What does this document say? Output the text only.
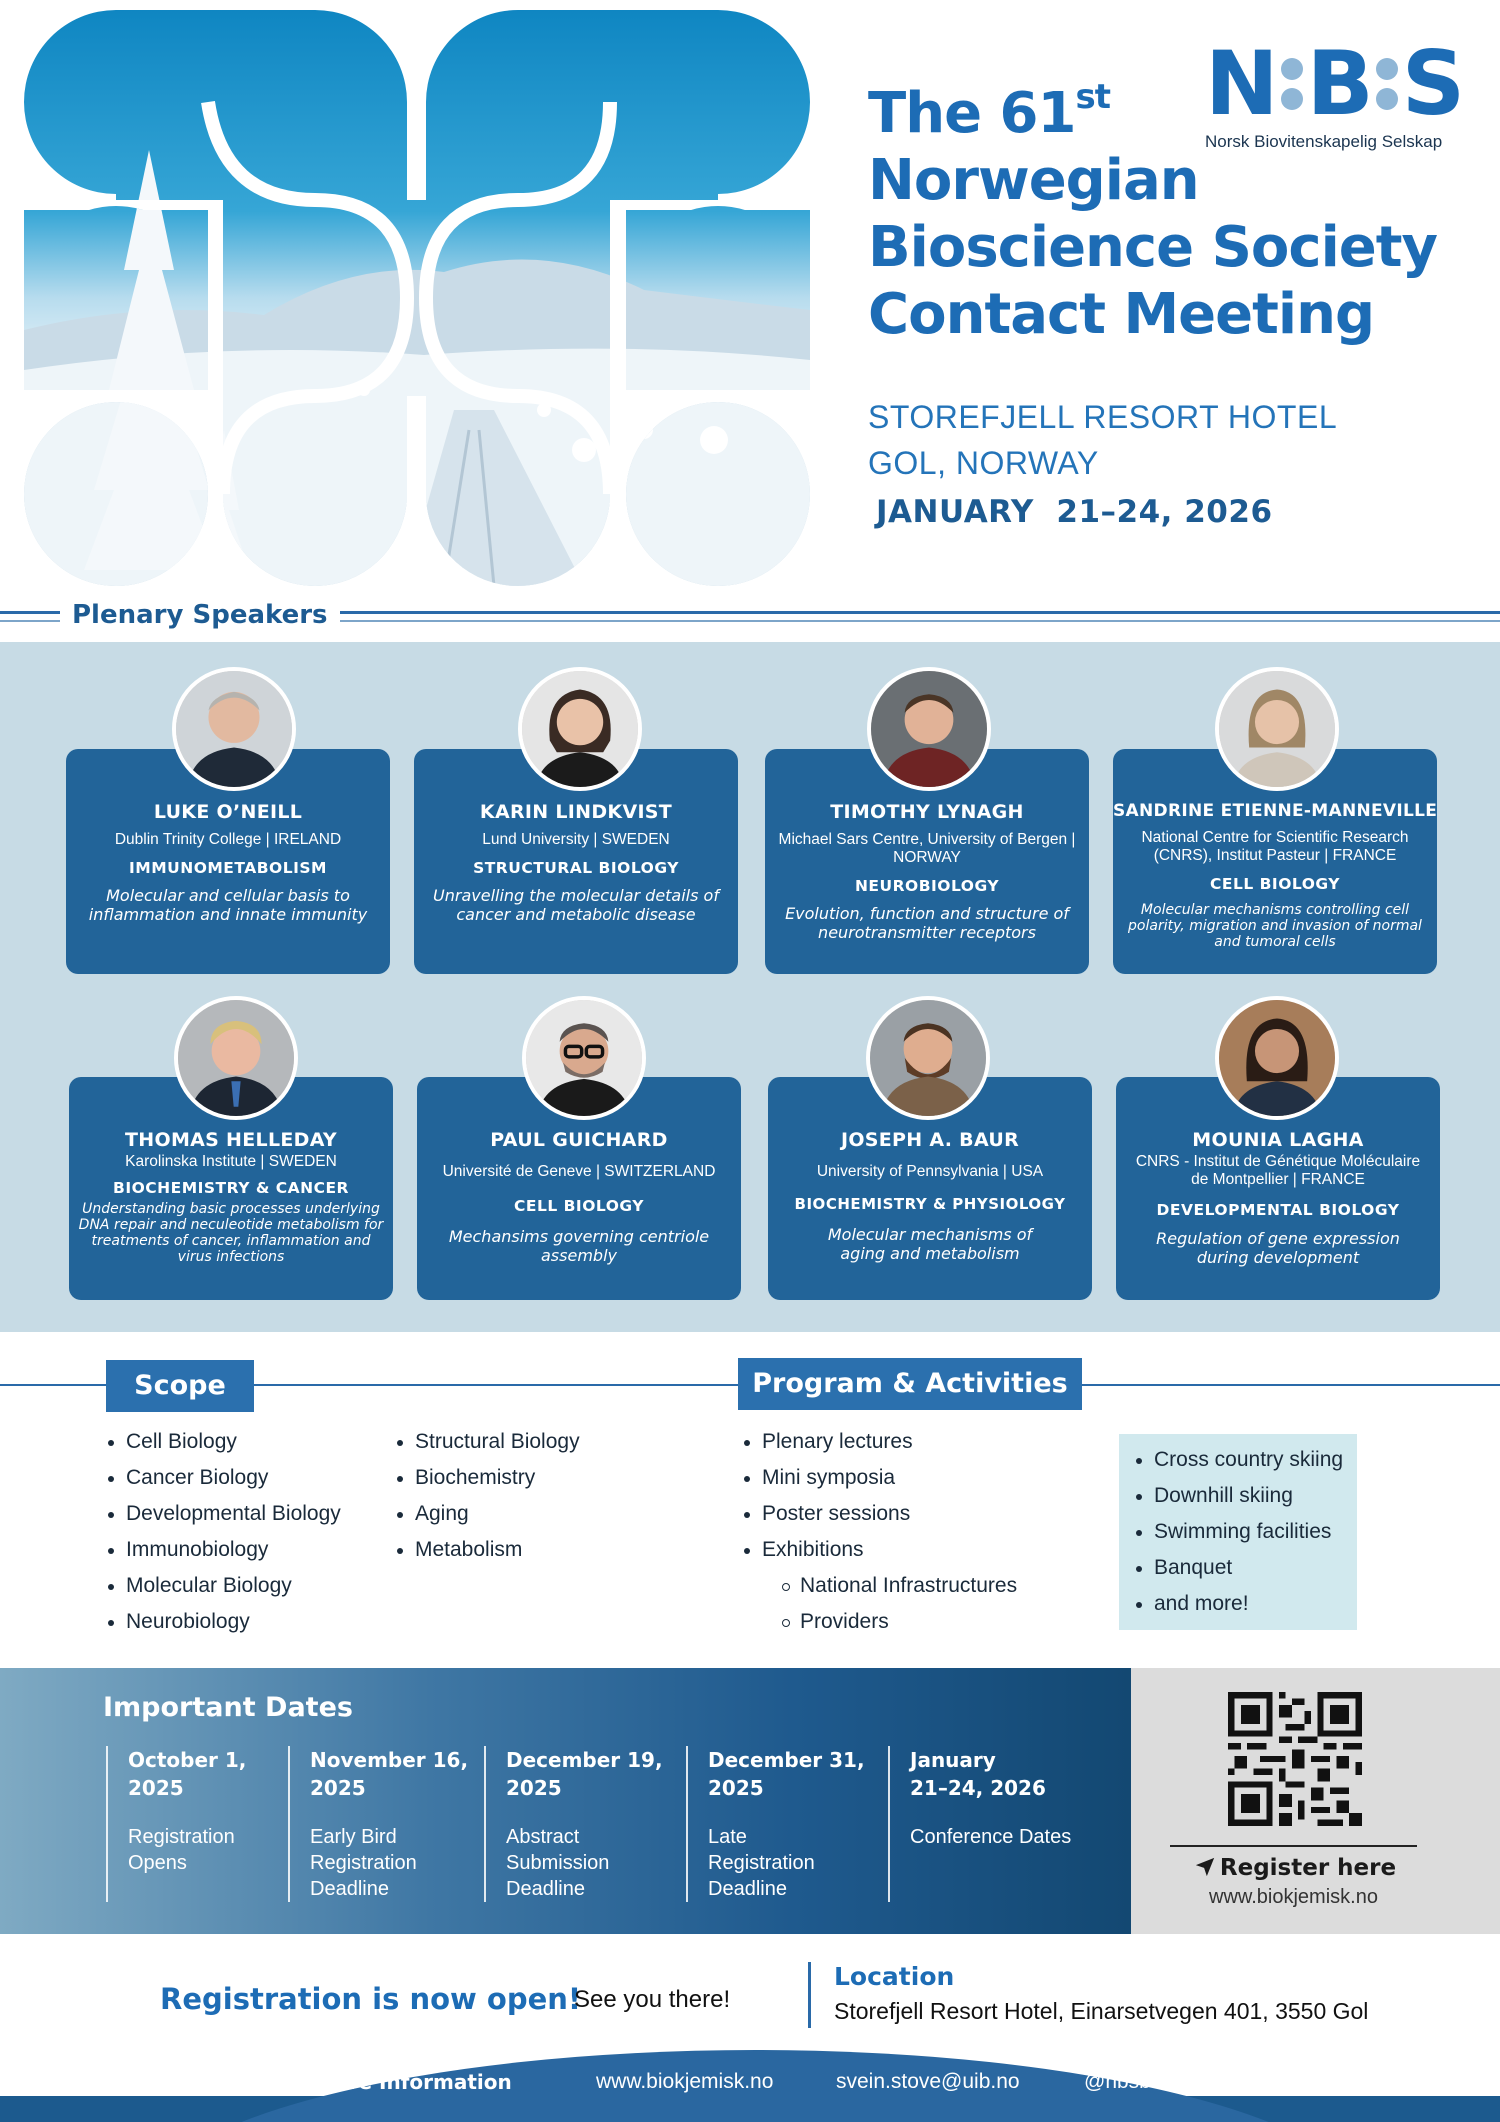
N B S
Norsk Biovitenskapelig Selskap
The 61st
Norwegian
Bioscience Society
Contact Meeting
STOREFJELL RESORT HOTEL
GOL, NORWAY
JANUARY  21–24, 2026
Plenary Speakers
LUKE O’NEILL
Dublin Trinity College | IRELAND
IMMUNOMETABOLISM
Molecular and cellular basis to inflammation and innate immunity
KARIN LINDKVIST
Lund University | SWEDEN
STRUCTURAL BIOLOGY
Unravelling the molecular details of cancer and metabolic disease
TIMOTHY LYNAGH
Michael Sars Centre, University of Bergen | NORWAY
NEUROBIOLOGY
Evolution, function and structure of neurotransmitter receptors
SANDRINE ETIENNE-MANNEVILLE
National Centre for Scientific Research (CNRS), Institut Pasteur | FRANCE
CELL BIOLOGY
Molecular mechanisms controlling cell polarity, migration and invasion of normal and tumoral cells
THOMAS HELLEDAY
Karolinska Institute | SWEDEN
BIOCHEMISTRY & CANCER
Understanding basic processes underlying DNA repair and neculeotide metabolism for treatments of cancer, inflammation and virus infections
PAUL GUICHARD
Université de Geneve | SWITZERLAND
CELL BIOLOGY
Mechansims governing centriole assembly
JOSEPH A. BAUR
University of Pennsylvania | USA
BIOCHEMISTRY & PHYSIOLOGY
Molecular mechanisms of aging and metabolism
MOUNIA LAGHA
CNRS - Institut de Génétique Moléculaire de Montpellier | FRANCE
DEVELOPMENTAL BIOLOGY
Regulation of gene expression during development
Scope	Program & Activities
Cell Biology
Cancer Biology
Developmental Biology
Immunobiology
Molecular Biology
Neurobiology
Structural Biology
Biochemistry
Aging
Metabolism
Plenary lectures
Mini symposia
Poster sessions
Exhibitions
National Infrastructures
Providers
Cross country skiing
Downhill skiing
Swimming facilities
Banquet
and more!
Important Dates
October 1,
2025
Registration
Opens
November 16,
2025
Early Bird
Registration
Deadline
December 19,
2025
Abstract
Submission
Deadline
December 31,
2025
Late
Registration
Deadline
January
21–24, 2026
Conference Dates
Register here
www.biokjemisk.no
Registration is now open!
See you there!
Location
Storefjell Resort Hotel, Einarsetvegen 401, 3550 Gol
More Information	www.biokjemisk.no	svein.stove@uib.no	@nbsbergen
